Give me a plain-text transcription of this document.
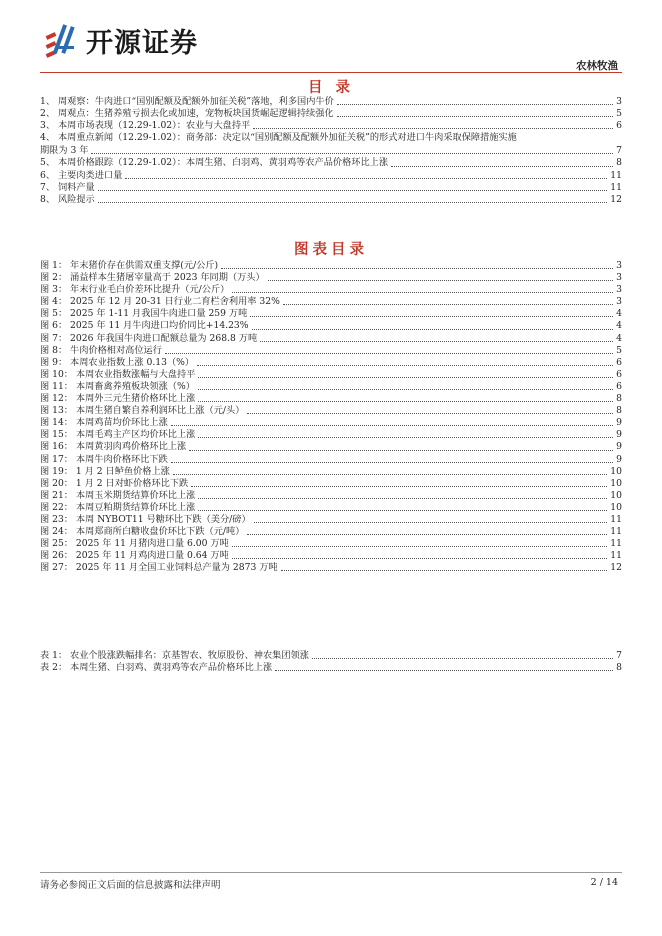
开源证券
农林牧渔
目 录
1、 周观察：牛肉进口“国别配额及配额外加征关税”落地，利多国内牛价	3
2、 周观点：生猪养殖亏损去化或加速，宠物板块国货崛起逻辑持续强化	5
3、 本周市场表现（12.29-1.02）：农业与大盘持平	6
4、 本周重点新闻（12.29-1.02）：商务部：决定以“国别配额及配额外加征关税”的形式对进口牛肉采取保障措施实施
期限为 3 年	7
5、 本周价格跟踪（12.29-1.02）：本周生猪、白羽鸡、黄羽鸡等农产品价格环比上涨	8
6、 主要肉类进口量	11
7、 饲料产量	11
8、 风险提示	12
图表目录
图 1： 年末猪价存在供需双重支撑(元/公斤)	3
图 2： 涌益样本生猪屠宰量高于 2023 年同期（万头）	3
图 3： 年末行业毛白价差环比提升（元/公斤）	3
图 4： 2025 年 12 月 20-31 日行业二育栏舍利用率 32%	3
图 5： 2025 年 1-11 月我国牛肉进口量 259 万吨	4
图 6： 2025 年 11 月牛肉进口均价同比+14.23%	4
图 7： 2026 年我国牛肉进口配额总量为 268.8 万吨	4
图 8： 牛肉价格相对高位运行	5
图 9： 本周农业指数上涨 0.13（%）	6
图 10： 本周农业指数涨幅与大盘持平	6
图 11： 本周畜禽养殖板块领涨（%）	6
图 12： 本周外三元生猪价格环比上涨	8
图 13： 本周生猪自繁自养利润环比上涨（元/头）	8
图 14： 本周鸡苗均价环比上涨	9
图 15： 本周毛鸡主产区均价环比上涨	9
图 16： 本周黄羽肉鸡价格环比上涨	9
图 17： 本周牛肉价格环比下跌	9
图 19： 1 月 2 日鲈鱼价格上涨	10
图 20： 1 月 2 日对虾价格环比下跌	10
图 21： 本周玉米期货结算价环比上涨	10
图 22： 本周豆粕期货结算价环比上涨	10
图 23： 本周 NYBOT11 号糖环比下跌（美分/磅）	11
图 24： 本周郑商所白糖收盘价环比下跌（元/吨）	11
图 25： 2025 年 11 月猪肉进口量 6.00 万吨	11
图 26： 2025 年 11 月鸡肉进口量 0.64 万吨	11
图 27： 2025 年 11 月全国工业饲料总产量为 2873 万吨	12
表 1： 农业个股涨跌幅排名：京基智农、牧原股份、神农集团领涨	7
表 2： 本周生猪、白羽鸡、黄羽鸡等农产品价格环比上涨	8
请务必参阅正文后面的信息披露和法律声明	2 / 14
